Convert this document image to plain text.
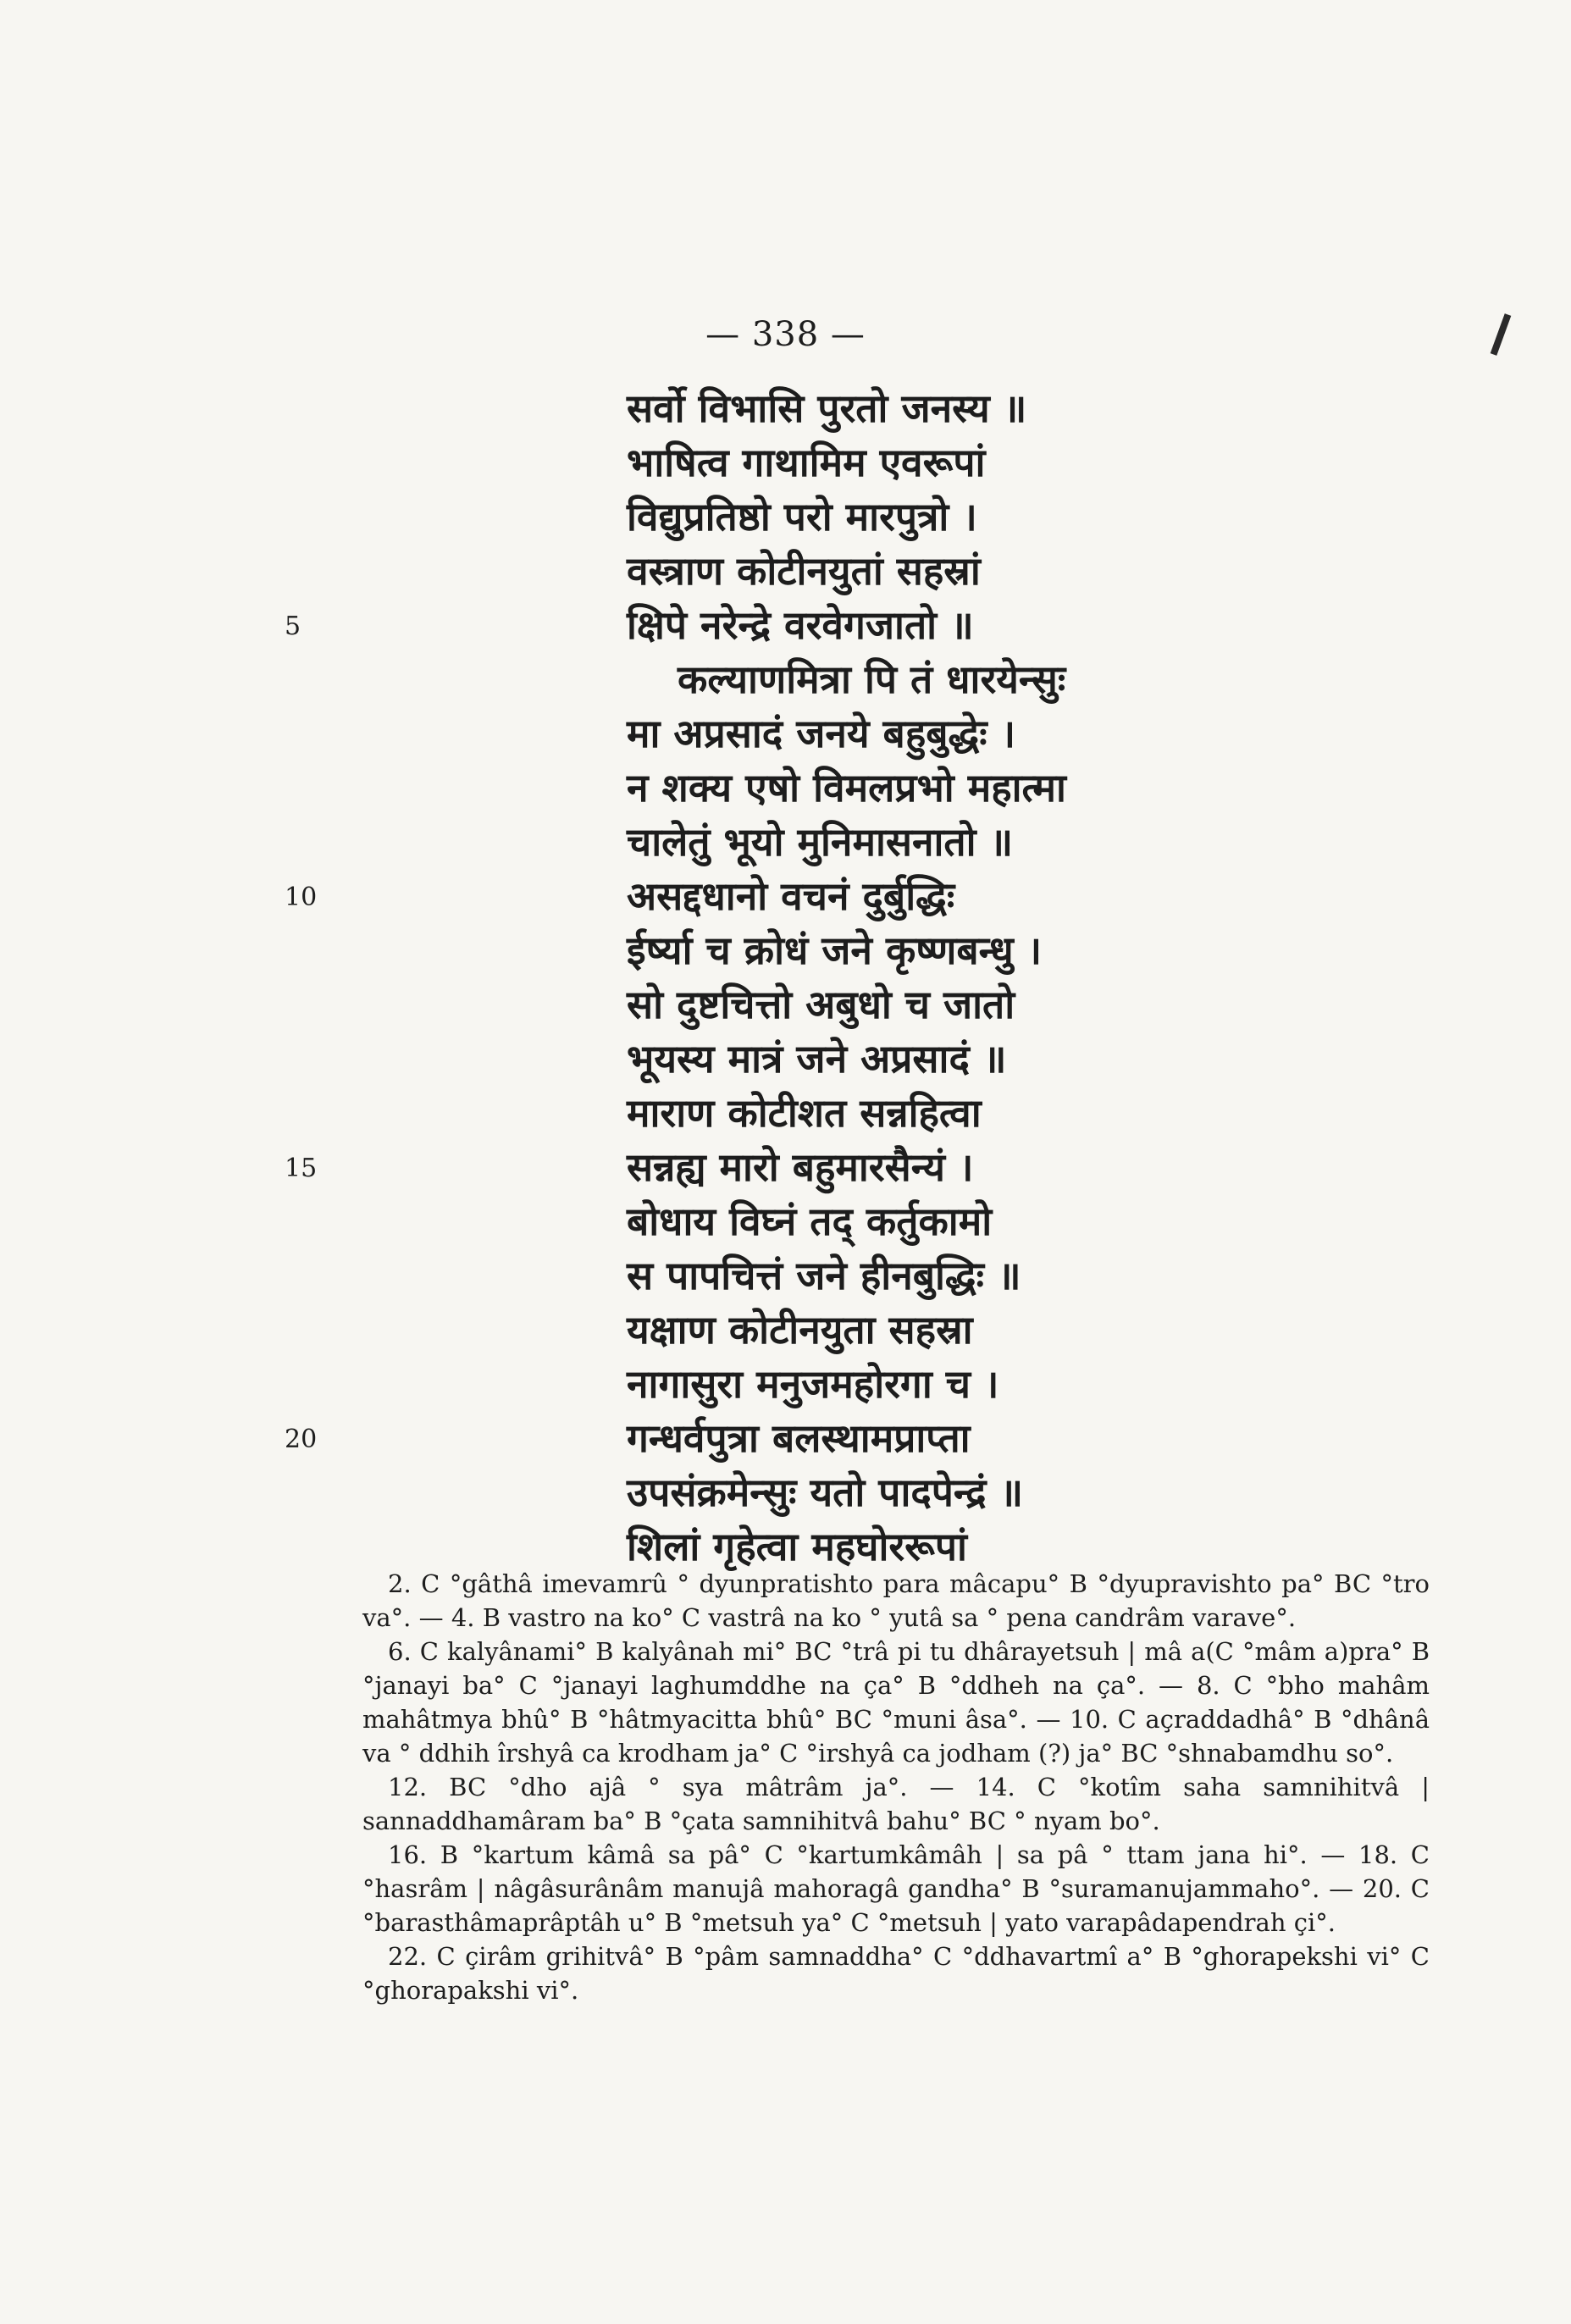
— 338 —
सर्वो विभासि पुरतो जनस्य ॥
भाषित्व गाथामिम एवरूपां
विद्युप्रतिष्ठो परो मारपुत्रो ।
वस्त्राण कोटीनयुतां सहस्रां
क्षिपे नरेन्द्रे वरवेगजातो ॥
कल्याणमित्रा पि तं धारयेन्सुः
मा अप्रसादं जनये बहुबुद्धेः ।
न शक्य एषो विमलप्रभो महात्मा
चालेतुं भूयो मुनिमासनातो ॥
असद्दधानो वचनं दुर्बुद्धिः
ईर्ष्या च क्रोधं जने कृष्णबन्धु ।
सो दुष्टचित्तो अबुधो च जातो
भूयस्य मात्रं जने अप्रसादं ॥
माराण कोटीशत सन्नहित्वा
सन्नह्य मारो बहुमारसैन्यं ।
बोधाय विघ्नं तद् कर्तुकामो
स पापचित्तं जने हीनबुद्धिः ॥
यक्षाण कोटीनयुता सहस्रा
नागासुरा मनुजमहोरगा च ।
गन्धर्वपुत्रा बलस्थामप्राप्ता
उपसंक्रमेन्सुः यतो पादपेन्द्रं ॥
शिलां गृहेत्वा महघोररूपां
5
10
15
20

2. C °gâthâ imevamrû ° dyunpratishto para mâcapu° B °dyupravishto pa° BC °tro va°. — 4. B vastro na ko° C vastrâ na ko ° yutâ sa ° pena candrâm varave°.

6. C kalyânami° B kalyânah mi° BC °trâ pi tu dhârayetsuh | mâ a(C °mâm a)pra° B °janayi ba° C °janayi laghumddhe na ça° B °ddheh na ça°. — 8. C °bho mahâm mahâtmya bhû° B °hâtmyacitta bhû° BC °muni âsa°. — 10. C açraddadhâ° B °dhânâ va ° ddhih îrshyâ ca krodham ja° C °irshyâ ca jodham (?) ja° BC °shnabamdhu so°.

12. BC °dho ajâ ° sya mâtrâm ja°. — 14. C °kotîm saha samnihitvâ | sannaddhamâram ba° B °çata samnihitvâ bahu° BC ° nyam bo°.

16. B °kartum kâmâ sa pâ° C °kartumkâmâh | sa pâ ° ttam jana hi°. — 18. C °hasrâm | nâgâsurânâm manujâ mahoragâ gandha° B °suramanujammaho°. — 20. C °barasthâmaprâptâh u° B °metsuh ya° C °metsuh | yato varapâdapendrah çi°.

22. C çirâm grihitvâ° B °pâm samnaddha° C °ddhavartmî a° B °ghorapekshi vi° C °ghorapakshi vi°.
